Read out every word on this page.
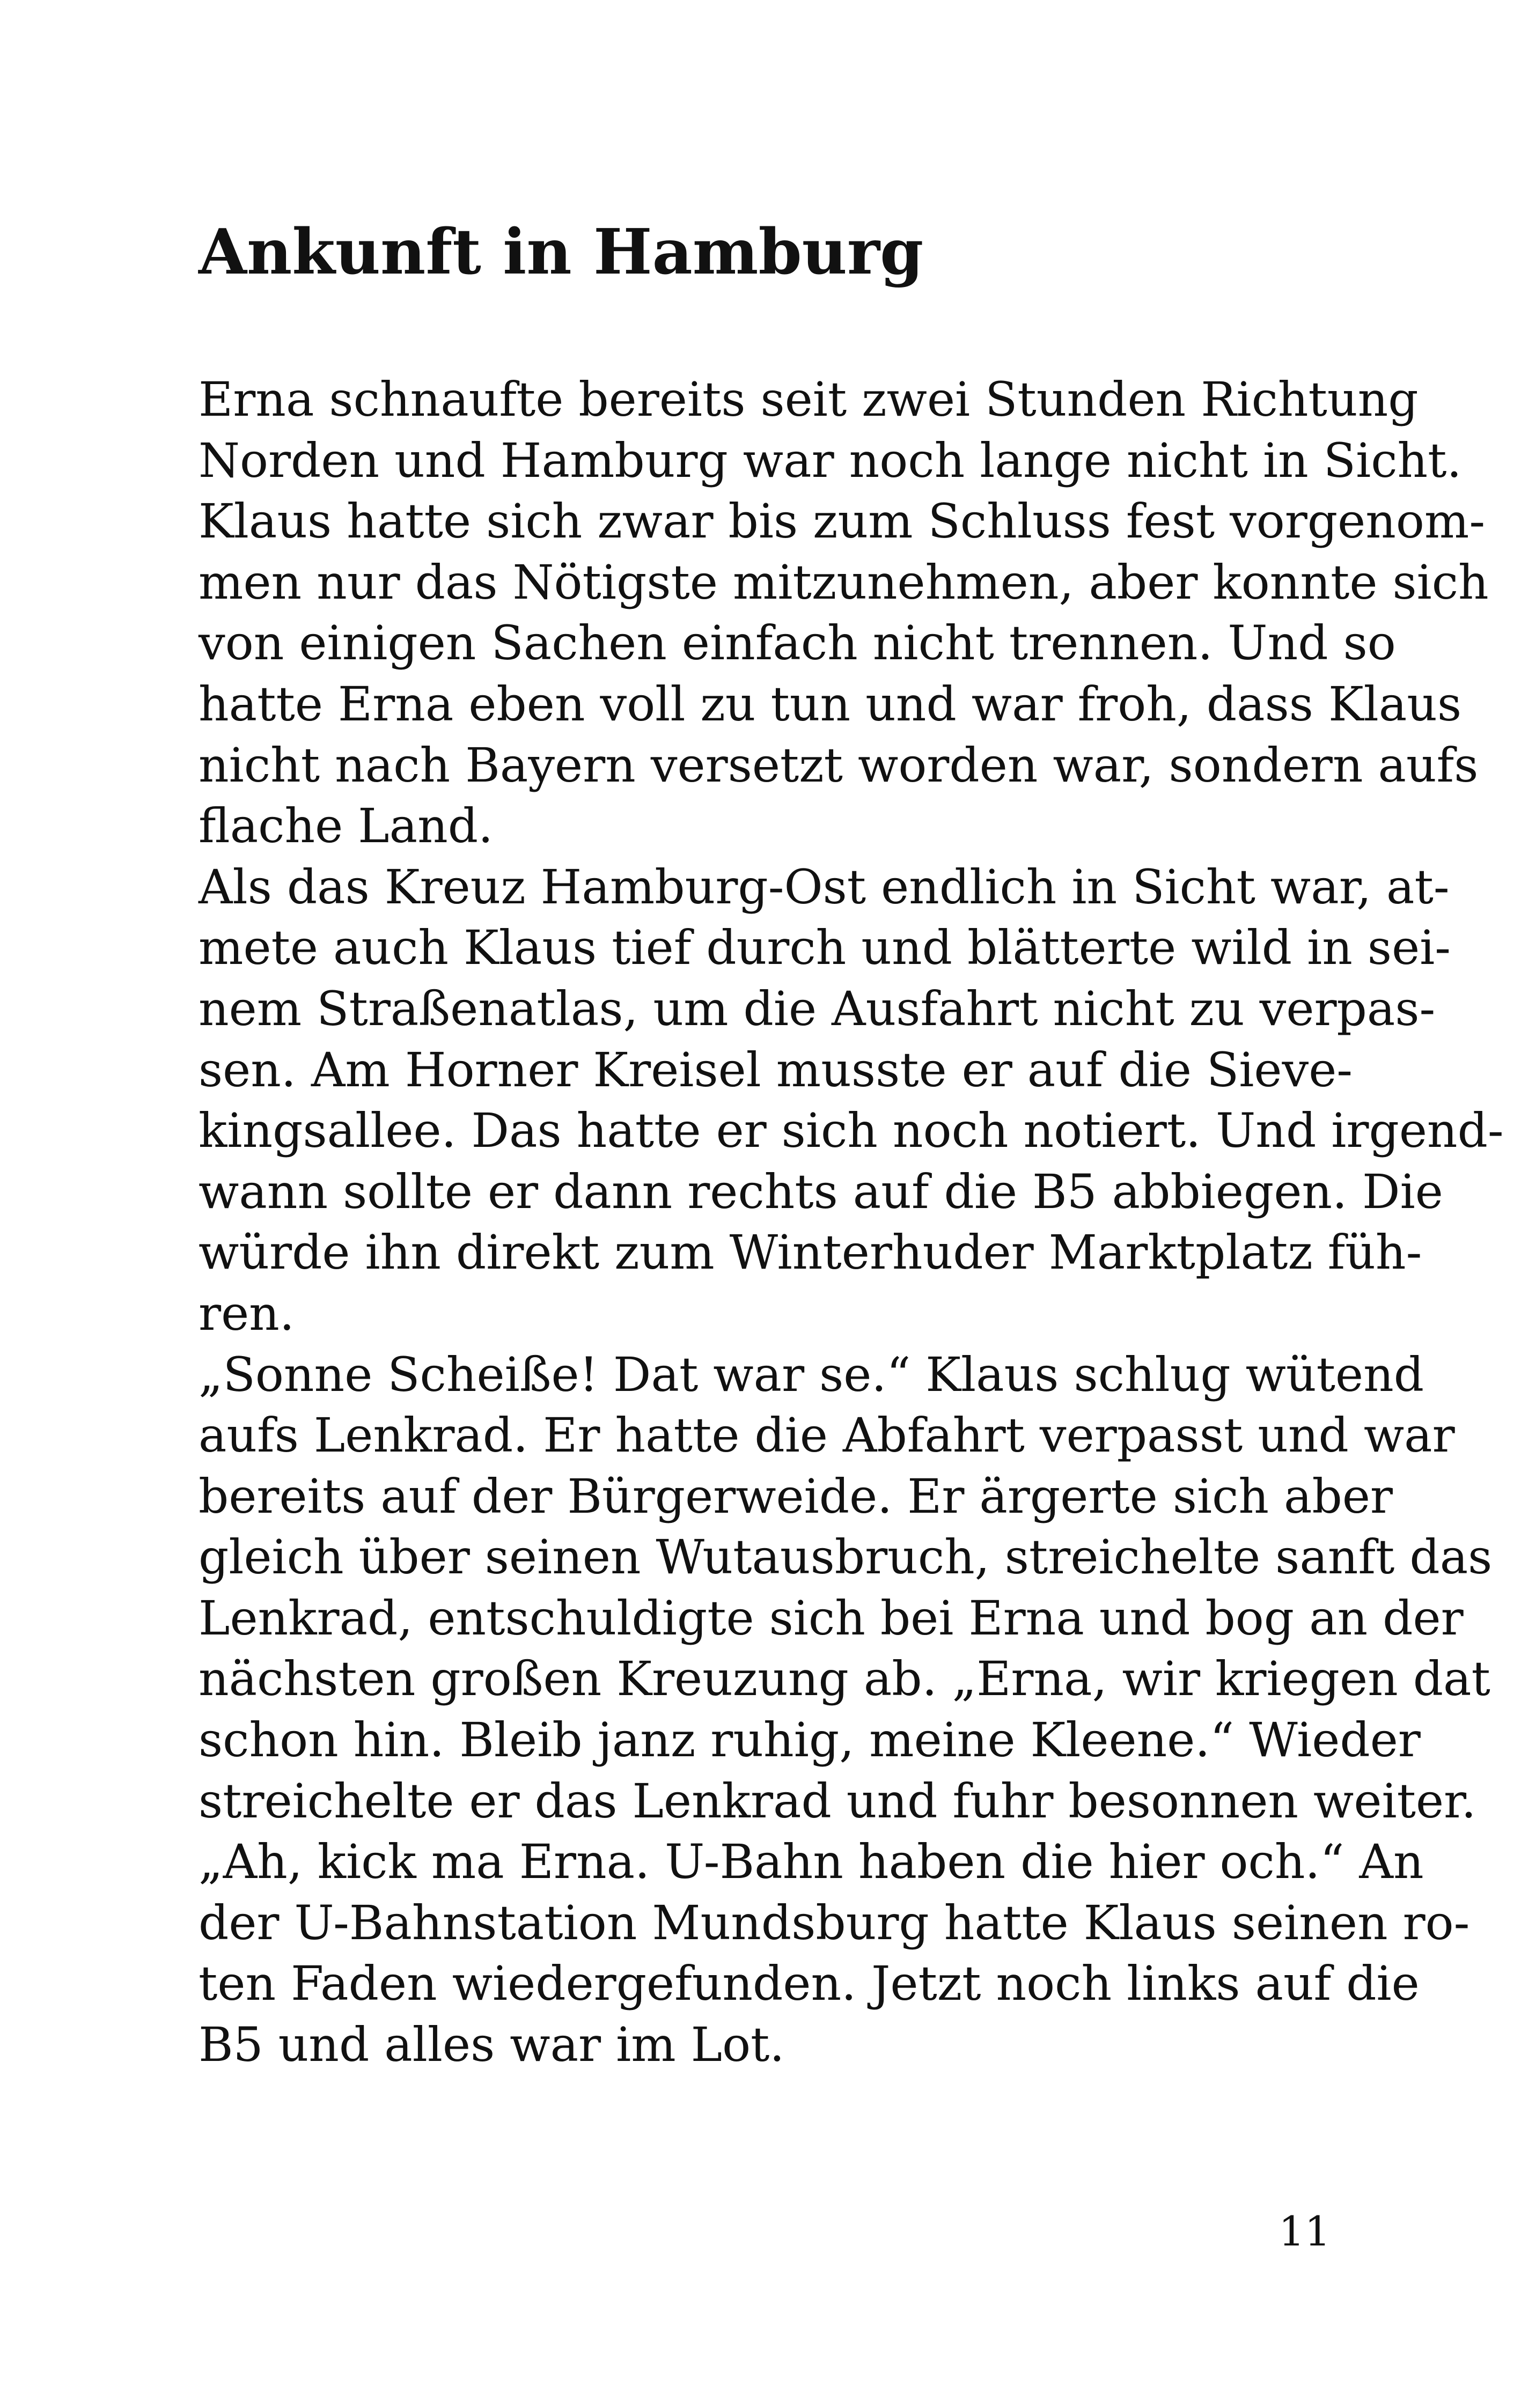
Ankunft in Hamburg
Erna schnaufte bereits seit zwei Stunden Richtung
Norden und Hamburg war noch lange nicht in Sicht.
Klaus hatte sich zwar bis zum Schluss fest vorgenom-
men nur das Nötigste mitzunehmen, aber konnte sich
von einigen Sachen einfach nicht trennen. Und so
hatte Erna eben voll zu tun und war froh, dass Klaus
nicht nach Bayern versetzt worden war, sondern aufs
flache Land.
Als das Kreuz Hamburg-Ost endlich in Sicht war, at-
mete auch Klaus tief durch und blätterte wild in sei-
nem Straßenatlas, um die Ausfahrt nicht zu verpas-
sen. Am Horner Kreisel musste er auf die Sieve-
kingsallee. Das hatte er sich noch notiert. Und irgend-
wann sollte er dann rechts auf die B5 abbiegen. Die
würde ihn direkt zum Winterhuder Marktplatz füh-
ren.
„Sonne Scheiße! Dat war se.“ Klaus schlug wütend
aufs Lenkrad. Er hatte die Abfahrt verpasst und war
bereits auf der Bürgerweide. Er ärgerte sich aber
gleich über seinen Wutausbruch, streichelte sanft das
Lenkrad, entschuldigte sich bei Erna und bog an der
nächsten großen Kreuzung ab. „Erna, wir kriegen dat
schon hin. Bleib janz ruhig, meine Kleene.“ Wieder
streichelte er das Lenkrad und fuhr besonnen weiter.
„Ah, kick ma Erna. U-Bahn haben die hier och.“ An
der U-Bahnstation Mundsburg hatte Klaus seinen ro-
ten Faden wiedergefunden. Jetzt noch links auf die
B5 und alles war im Lot.
11
